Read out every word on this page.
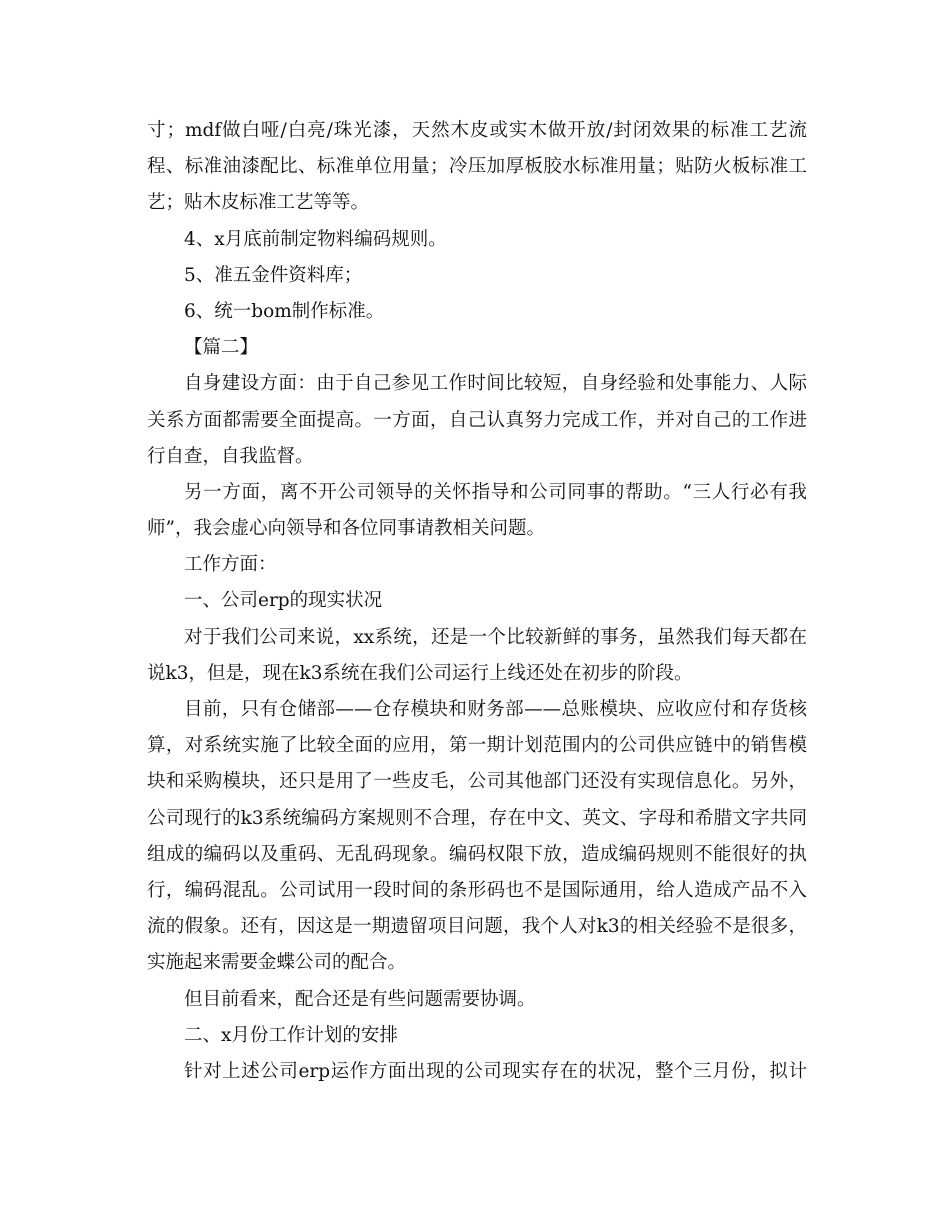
寸；mdf做白哑/白亮/珠光漆，天然木皮或实木做开放/封闭效果的标准工艺流
程、标准油漆配比、标准单位用量；冷压加厚板胶水标准用量；贴防火板标准工
艺；贴木皮标准工艺等等。
4、x月底前制定物料编码规则。
5、准五金件资料库；
6、统一bom制作标准。
【篇二】
自身建设方面：由于自己参见工作时间比较短，自身经验和处事能力、人际
关系方面都需要全面提高。一方面，自己认真努力完成工作，并对自己的工作进
行自查，自我监督。
另一方面，离不开公司领导的关怀指导和公司同事的帮助。“三人行必有我
师”，我会虚心向领导和各位同事请教相关问题。
工作方面：
一、公司erp的现实状况
对于我们公司来说，xx系统，还是一个比较新鲜的事务，虽然我们每天都在
说k3，但是，现在k3系统在我们公司运行上线还处在初步的阶段。
目前，只有仓储部——仓存模块和财务部——总账模块、应收应付和存货核
算，对系统实施了比较全面的应用，第一期计划范围内的公司供应链中的销售模
块和采购模块，还只是用了一些皮毛，公司其他部门还没有实现信息化。另外，
公司现行的k3系统编码方案规则不合理，存在中文、英文、字母和希腊文字共同
组成的编码以及重码、无乱码现象。编码权限下放，造成编码规则不能很好的执
行，编码混乱。公司试用一段时间的条形码也不是国际通用，给人造成产品不入
流的假象。还有，因这是一期遗留项目问题，我个人对k3的相关经验不是很多，
实施起来需要金蝶公司的配合。
但目前看来，配合还是有些问题需要协调。
二、x月份工作计划的安排
针对上述公司erp运作方面出现的公司现实存在的状况，整个三月份，拟计
